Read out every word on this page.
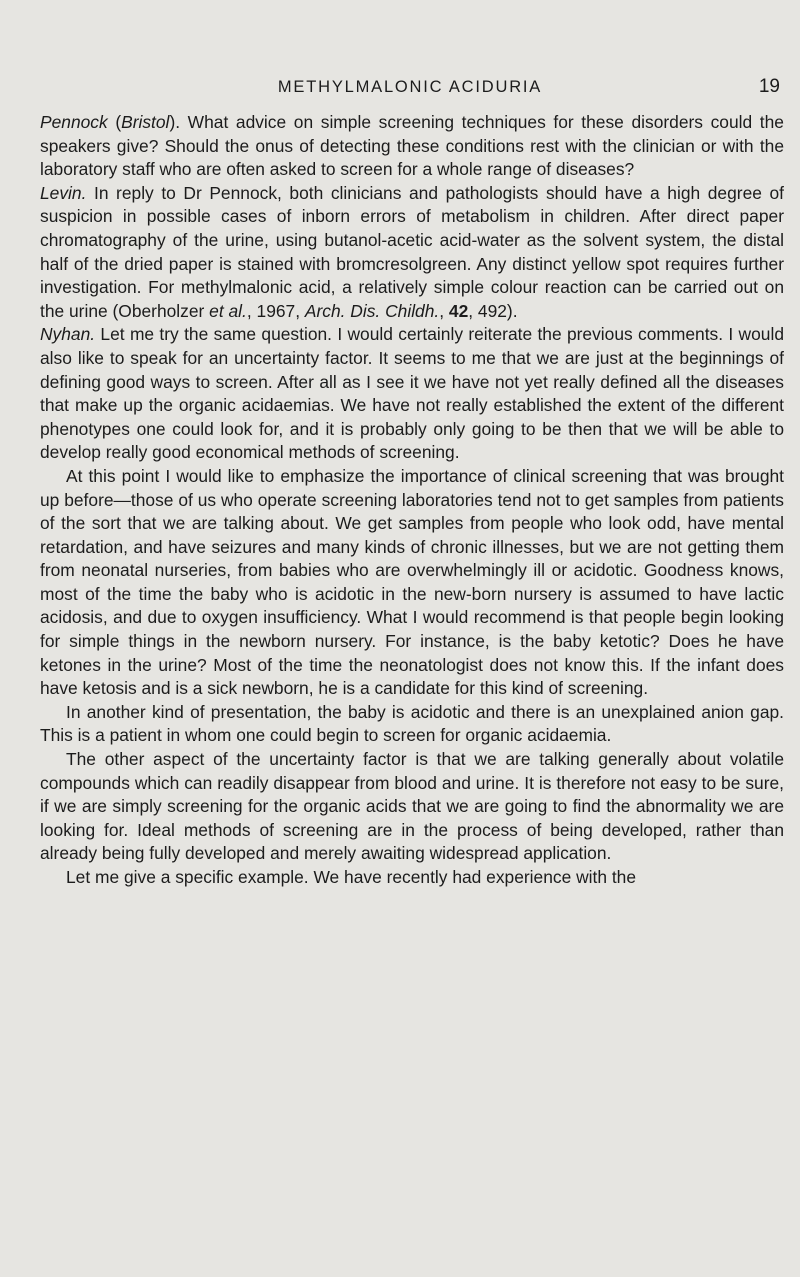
METHYLMALONIC ACIDURIA	19

Pennock (Bristol). What advice on simple screening techniques for these disorders could the speakers give? Should the onus of detecting these conditions rest with the clinician or with the laboratory staff who are often asked to screen for a whole range of diseases?

Levin. In reply to Dr Pennock, both clinicians and pathologists should have a high degree of suspicion in possible cases of inborn errors of metabolism in children. After direct paper chromatography of the urine, using butanol-acetic acid-water as the solvent system, the distal half of the dried paper is stained with bromcresolgreen. Any distinct yellow spot requires further investigation. For methylmalonic acid, a relatively simple colour reaction can be carried out on the urine (Oberholzer et al., 1967, Arch. Dis. Childh., 42, 492).

Nyhan. Let me try the same question. I would certainly reiterate the previous comments. I would also like to speak for an uncertainty factor. It seems to me that we are just at the beginnings of defining good ways to screen. After all as I see it we have not yet really defined all the diseases that make up the organic acidaemias. We have not really established the extent of the different phenotypes one could look for, and it is probably only going to be then that we will be able to develop really good economical methods of screening.

At this point I would like to emphasize the importance of clinical screening that was brought up before—those of us who operate screening laboratories tend not to get samples from patients of the sort that we are talking about. We get samples from people who look odd, have mental retardation, and have seizures and many kinds of chronic illnesses, but we are not getting them from neonatal nurseries, from babies who are overwhelmingly ill or acidotic. Goodness knows, most of the time the baby who is acidotic in the new-born nursery is assumed to have lactic acidosis, and due to oxygen insufficiency. What I would recommend is that people begin looking for simple things in the newborn nursery. For instance, is the baby ketotic? Does he have ketones in the urine? Most of the time the neonatologist does not know this. If the infant does have ketosis and is a sick newborn, he is a candidate for this kind of screening.

In another kind of presentation, the baby is acidotic and there is an unexplained anion gap. This is a patient in whom one could begin to screen for organic acidaemia.

The other aspect of the uncertainty factor is that we are talking generally about volatile compounds which can readily disappear from blood and urine. It is therefore not easy to be sure, if we are simply screening for the organic acids that we are going to find the abnormality we are looking for. Ideal methods of screening are in the process of being developed, rather than already being fully developed and merely awaiting widespread application.

Let me give a specific example. We have recently had experience with the
